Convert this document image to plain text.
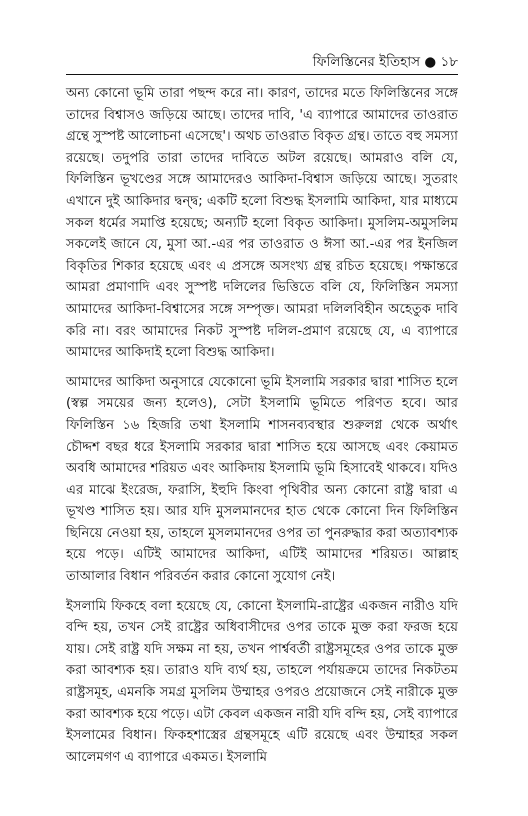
ফিলিস্তিনের ইতিহাস ● ১৮

অন্য কোনো ভূমি তারা পছন্দ করে না। কারণ, তাদের মতে ফিলিস্তিনের সঙ্গে তাদের বিশ্বাসও জড়িয়ে আছে। তাদের দাবি, 'এ ব্যাপারে আমাদের তাওরাত গ্রন্থে সুস্পষ্ট আলোচনা এসেছে'। অথচ তাওরাত বিকৃত গ্রন্থ। তাতে বহু সমস্যা রয়েছে। তদুপরি তারা তাদের দাবিতে অটল রয়েছে। আমরাও বলি যে, ফিলিস্তিন ভূখণ্ডের সঙ্গে আমাদেরও আকিদা-বিশ্বাস জড়িয়ে আছে। সুতরাং এখানে দুই আকিদার দ্বন্দ্ব; একটি হলো বিশুদ্ধ ইসলামি আকিদা, যার মাধ্যমে সকল ধর্মের সমাপ্তি হয়েছে; অন্যটি হলো বিকৃত আকিদা। মুসলিম-অমুসলিম সকলেই জানে যে, মুসা আ.-এর পর তাওরাত ও ঈসা আ.-এর পর ইনজিল বিকৃতির শিকার হয়েছে এবং এ প্রসঙ্গে অসংখ্য গ্রন্থ রচিত হয়েছে। পক্ষান্তরে আমরা প্রমাণাদি এবং সুস্পষ্ট দলিলের ভিত্তিতে বলি যে, ফিলিস্তিন সমস্যা আমাদের আকিদা-বিশ্বাসের সঙ্গে সম্পৃক্ত। আমরা দলিলবিহীন অহেতুক দাবি করি না। বরং আমাদের নিকট সুস্পষ্ট দলিল-প্রমাণ রয়েছে যে, এ ব্যাপারে আমাদের আকিদাই হলো বিশুদ্ধ আকিদা।

আমাদের আকিদা অনুসারে যেকোনো ভূমি ইসলামি সরকার দ্বারা শাসিত হলে (স্বল্প সময়ের জন্য হলেও), সেটা ইসলামি ভূমিতে পরিণত হবে। আর ফিলিস্তিন ১৬ হিজরি তথা ইসলামি শাসনব্যবস্থার শুরুলগ্ন থেকে অর্থাৎ চৌদ্দশ বছর ধরে ইসলামি সরকার দ্বারা শাসিত হয়ে আসছে এবং কেয়ামত অবধি আমাদের শরিয়ত এবং আকিদায় ইসলামি ভূমি হিসাবেই থাকবে। যদিও এর মাঝে ইংরেজ, ফরাসি, ইহুদি কিংবা পৃথিবীর অন্য কোনো রাষ্ট্র দ্বারা এ ভূখণ্ড শাসিত হয়। আর যদি মুসলমানদের হাত থেকে কোনো দিন ফিলিস্তিন ছিনিয়ে নেওয়া হয়, তাহলে মুসলমানদের ওপর তা পুনরুদ্ধার করা অত্যাবশ্যক হয়ে পড়ে। এটিই আমাদের আকিদা, এটিই আমাদের শরিয়ত। আল্লাহ তাআলার বিধান পরিবর্তন করার কোনো সুযোগ নেই।

ইসলামি ফিকহে বলা হয়েছে যে, কোনো ইসলামি-রাষ্ট্রের একজন নারীও যদি বন্দি হয়, তখন সেই রাষ্ট্রের অধিবাসীদের ওপর তাকে মুক্ত করা ফরজ হয়ে যায়। সেই রাষ্ট্র যদি সক্ষম না হয়, তখন পার্শ্ববর্তী রাষ্ট্রসমূহের ওপর তাকে মুক্ত করা আবশ্যক হয়। তারাও যদি ব্যর্থ হয়, তাহলে পর্যায়ক্রমে তাদের নিকটতম রাষ্ট্রসমূহ, এমনকি সমগ্র মুসলিম উম্মাহর ওপরও প্রয়োজনে সেই নারীকে মুক্ত করা আবশ্যক হয়ে পড়ে। এটা কেবল একজন নারী যদি বন্দি হয়, সেই ব্যাপারে ইসলামের বিধান। ফিকহশাস্ত্রের গ্রন্থসমূহে এটি রয়েছে এবং উম্মাহর সকল আলেমগণ এ ব্যাপারে একমত। ইসলামি
